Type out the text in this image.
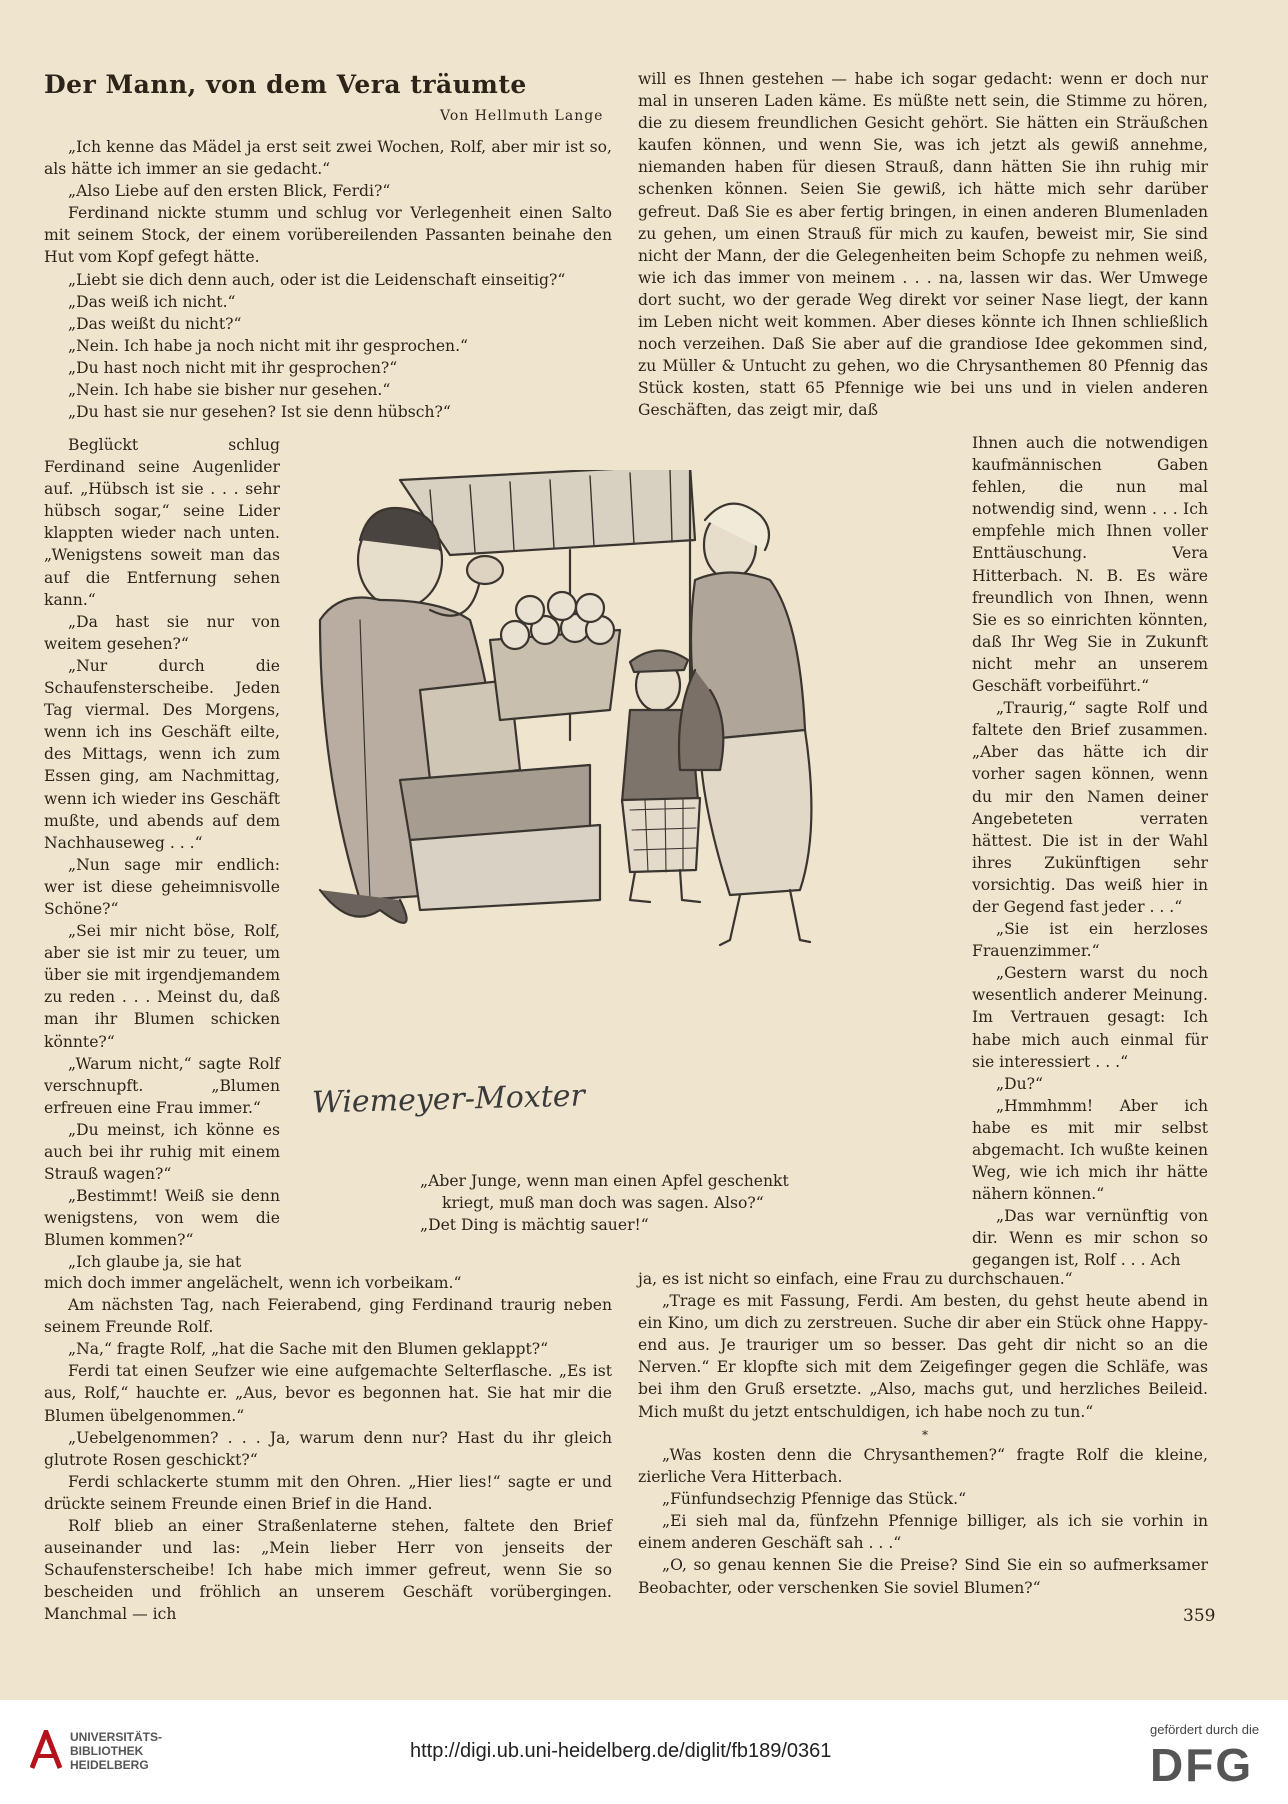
Der Mann, von dem Vera träumte
Von Hellmuth Lange

„Ich kenne das Mädel ja erst seit zwei Wochen, Rolf, aber mir ist so, als hätte ich immer an sie gedacht.“

„Also Liebe auf den ersten Blick, Ferdi?“

Ferdinand nickte stumm und schlug vor Verlegenheit einen Salto mit seinem Stock, der einem vorübereilenden Passanten beinahe den Hut vom Kopf gefegt hätte.

„Liebt sie dich denn auch, oder ist die Leidenschaft einseitig?“

„Das weiß ich nicht.“

„Das weißt du nicht?“

„Nein. Ich habe ja noch nicht mit ihr gesprochen.“

„Du hast noch nicht mit ihr gesprochen?“

„Nein. Ich habe sie bisher nur gesehen.“

„Du hast sie nur gesehen? Ist sie denn hübsch?“

Beglückt schlug Ferdinand seine Augenlider auf. „Hübsch ist sie . . . sehr hübsch sogar,“ seine Lider klappten wieder nach unten. „Wenigstens soweit man das auf die Entfernung sehen kann.“

„Da hast sie nur von weitem gesehen?“

„Nur durch die Schaufensterscheibe. Jeden Tag viermal. Des Morgens, wenn ich ins Geschäft eilte, des Mittags, wenn ich zum Essen ging, am Nachmittag, wenn ich wieder ins Geschäft mußte, und abends auf dem Nachhauseweg . . .“

„Nun sage mir endlich: wer ist diese geheimnisvolle Schöne?“

„Sei mir nicht böse, Rolf, aber sie ist mir zu teuer, um über sie mit irgendjemandem zu reden . . . Meinst du, daß man ihr Blumen schicken könnte?“

„Warum nicht,“ sagte Rolf verschnupft. „Blumen erfreuen eine Frau immer.“

„Du meinst, ich könne es auch bei ihr ruhig mit einem Strauß wagen?“

„Bestimmt! Weiß sie denn wenigstens, von wem die Blumen kommen?“

„Ich glaube ja, sie hat

mich doch immer angelächelt, wenn ich vorbeikam.“

Am nächsten Tag, nach Feierabend, ging Ferdinand traurig neben seinem Freunde Rolf.

„Na,“ fragte Rolf, „hat die Sache mit den Blumen geklappt?“

Ferdi tat einen Seufzer wie eine aufgemachte Selterflasche. „Es ist aus, Rolf,“ hauchte er. „Aus, bevor es begonnen hat. Sie hat mir die Blumen übelgenommen.“

„Uebelgenommen? . . . Ja, warum denn nur? Hast du ihr gleich glutrote Rosen geschickt?“

Ferdi schlackerte stumm mit den Ohren. „Hier lies!“ sagte er und drückte seinem Freunde einen Brief in die Hand.

Rolf blieb an einer Straßenlaterne stehen, faltete den Brief auseinander und las: „Mein lieber Herr von jenseits der Schaufensterscheibe! Ich habe mich immer gefreut, wenn Sie so bescheiden und fröhlich an unserem Geschäft vorübergingen. Manchmal — ich

will es Ihnen gestehen — habe ich sogar gedacht: wenn er doch nur mal in unseren Laden käme. Es müßte nett sein, die Stimme zu hören, die zu diesem freundlichen Gesicht gehört. Sie hätten ein Sträußchen kaufen können, und wenn Sie, was ich jetzt als gewiß annehme, niemanden haben für diesen Strauß, dann hätten Sie ihn ruhig mir schenken können. Seien Sie gewiß, ich hätte mich sehr darüber gefreut. Daß Sie es aber fertig bringen, in einen anderen Blumenladen zu gehen, um einen Strauß für mich zu kaufen, beweist mir, Sie sind nicht der Mann, der die Gelegenheiten beim Schopfe zu nehmen weiß, wie ich das immer von meinem . . . na, lassen wir das. Wer Umwege dort sucht, wo der gerade Weg direkt vor seiner Nase liegt, der kann im Leben nicht weit kommen. Aber dieses könnte ich Ihnen schließlich noch verzeihen. Daß Sie aber auf die grandiose Idee gekommen sind, zu Müller & Untucht zu gehen, wo die Chrysanthemen 80 Pfennig das Stück kosten, statt 65 Pfennige wie bei uns und in vielen anderen Geschäften, das zeigt mir, daß

Ihnen auch die notwendigen kaufmännischen Gaben fehlen, die nun mal notwendig sind, wenn . . . Ich empfehle mich Ihnen voller Enttäuschung. Vera Hitterbach. N. B. Es wäre freundlich von Ihnen, wenn Sie es so einrichten könnten, daß Ihr Weg Sie in Zukunft nicht mehr an unserem Geschäft vorbeiführt.“

„Traurig,“ sagte Rolf und faltete den Brief zusammen. „Aber das hätte ich dir vorher sagen können, wenn du mir den Namen deiner Angebeteten verraten hättest. Die ist in der Wahl ihres Zukünftigen sehr vorsichtig. Das weiß hier in der Gegend fast jeder . . .“

„Sie ist ein herzloses Frauenzimmer.“

„Gestern warst du noch wesentlich anderer Meinung. Im Vertrauen gesagt: Ich habe mich auch einmal für sie interessiert . . .“

„Du?“

„Hmmhmm! Aber ich habe es mit mir selbst abgemacht. Ich wußte keinen Weg, wie ich mich ihr hätte nähern können.“

„Das war vernünftig von dir. Wenn es mir schon so gegangen ist, Rolf . . . Ach

ja, es ist nicht so einfach, eine Frau zu durchschauen.“

„Trage es mit Fassung, Ferdi. Am besten, du gehst heute abend in ein Kino, um dich zu zerstreuen. Suche dir aber ein Stück ohne Happy-end aus. Je trauriger um so besser. Das geht dir nicht so an die Nerven.“ Er klopfte sich mit dem Zeigefinger gegen die Schläfe, was bei ihm den Gruß ersetzte. „Also, machs gut, und herzliches Beileid. Mich mußt du jetzt entschuldigen, ich habe noch zu tun.“

*

„Was kosten denn die Chrysanthemen?“ fragte Rolf die kleine, zierliche Vera Hitterbach.

„Fünfundsechzig Pfennige das Stück.“

„Ei sieh mal da, fünfzehn Pfennige billiger, als ich sie vorhin in einem anderen Geschäft sah . . .“

„O, so genau kennen Sie die Preise? Sind Sie ein so aufmerksamer Beobachter, oder verschenken Sie soviel Blumen?“

Wiemeyer-Moxter
„Aber Junge, wenn man einen Apfel geschenkt
kriegt, muß man doch was sagen. Also?“
„Det Ding is mächtig sauer!“
359
UNIVERSITÄTS-
BIBLIOTHEK
HEIDELBERG
http://digi.ub.uni-heidelberg.de/diglit/fb189/0361
gefördert durch die
DFG
